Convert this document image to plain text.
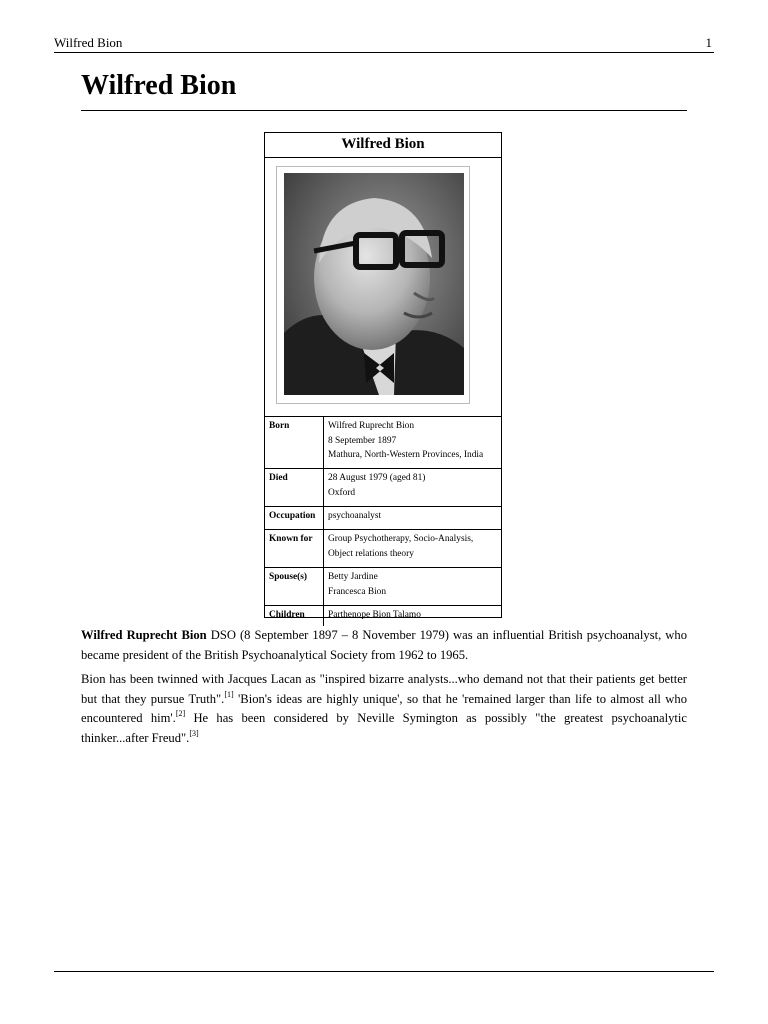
Wilfred Bion	1
Wilfred Bion
Wilfred Bion
Born	Wilfred Ruprecht Bion
8 September 1897
Mathura, North-Western Provinces, India
Died	28 August 1979 (aged 81)
Oxford
Occupation	psychoanalyst
Known for	Group Psychotherapy, Socio-Analysis,
Object relations theory
Spouse(s)	Betty Jardine
Francesca Bion
Children	Parthenope Bion Talamo

Wilfred Ruprecht Bion DSO (8 September 1897 – 8 November 1979) was an influential British psychoanalyst, who became president of the British Psychoanalytical Society from 1962 to 1965.

Bion has been twinned with Jacques Lacan as "inspired bizarre analysts...who demand not that their patients get better but that they pursue Truth".[1] 'Bion's ideas are highly unique', so that he 'remained larger than life to almost all who encountered him'.[2] He has been considered by Neville Symington as possibly "the greatest psychoanalytic thinker...after Freud".[3]
